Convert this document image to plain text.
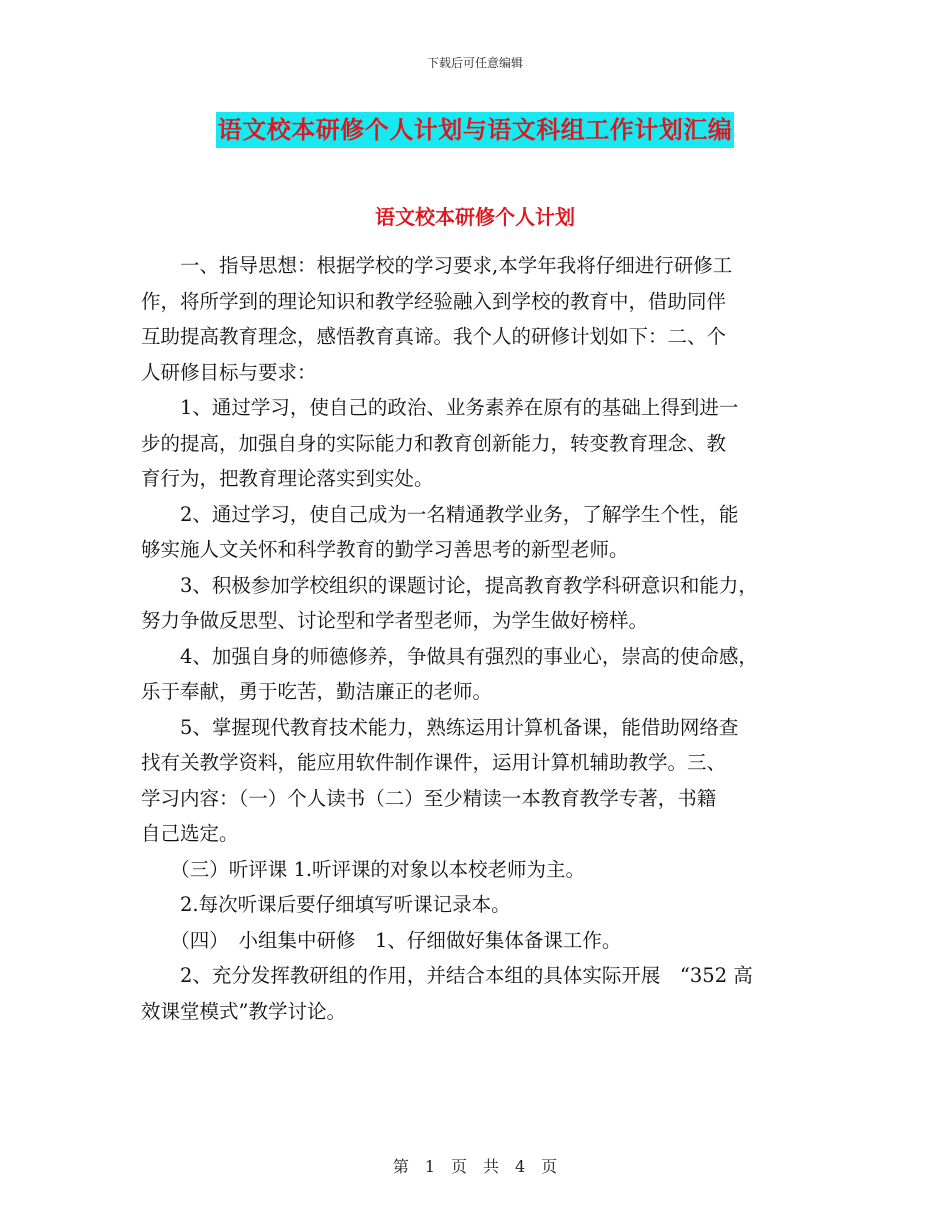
下载后可任意编辑
语文校本研修个人计划与语文科组工作计划汇编
语文校本研修个人计划

　　一、指导思想：根据学校的学习要求,本学年我将仔细进行研修工

作，将所学到的理论知识和教学经验融入到学校的教育中，借助同伴

互助提高教育理念，感悟教育真谛。我个人的研修计划如下：二、个

人研修目标与要求：

　　1、通过学习，使自己的政治、业务素养在原有的基础上得到进一

步的提高，加强自身的实际能力和教育创新能力，转变教育理念、教

育行为，把教育理论落实到实处。

　　2、通过学习，使自己成为一名精通教学业务，了解学生个性，能

够实施人文关怀和科学教育的勤学习善思考的新型老师。

　　3、积极参加学校组织的课题讨论，提高教育教学科研意识和能力，

努力争做反思型、讨论型和学者型老师，为学生做好榜样。

　　4、加强自身的师德修养，争做具有强烈的事业心，崇高的使命感，

乐于奉献，勇于吃苦，勤洁廉正的老师。

　　5、掌握现代教育技术能力，熟练运用计算机备课，能借助网络查

找有关教学资料，能应用软件制作课件，运用计算机辅助教学。三、

学习内容：（一）个人读书（二）至少精读一本教育教学专著，书籍

自己选定。

　　（三）听评课 1.听评课的对象以本校老师为主。

　　2.每次听课后要仔细填写听课记录本。

　　（四）　小组集中研修　1、仔细做好集体备课工作。

　　2、充分发挥教研组的作用，并结合本组的具体实际开展　“352 高

效课堂模式”教学讨论。

第　1　页　共　4　页
